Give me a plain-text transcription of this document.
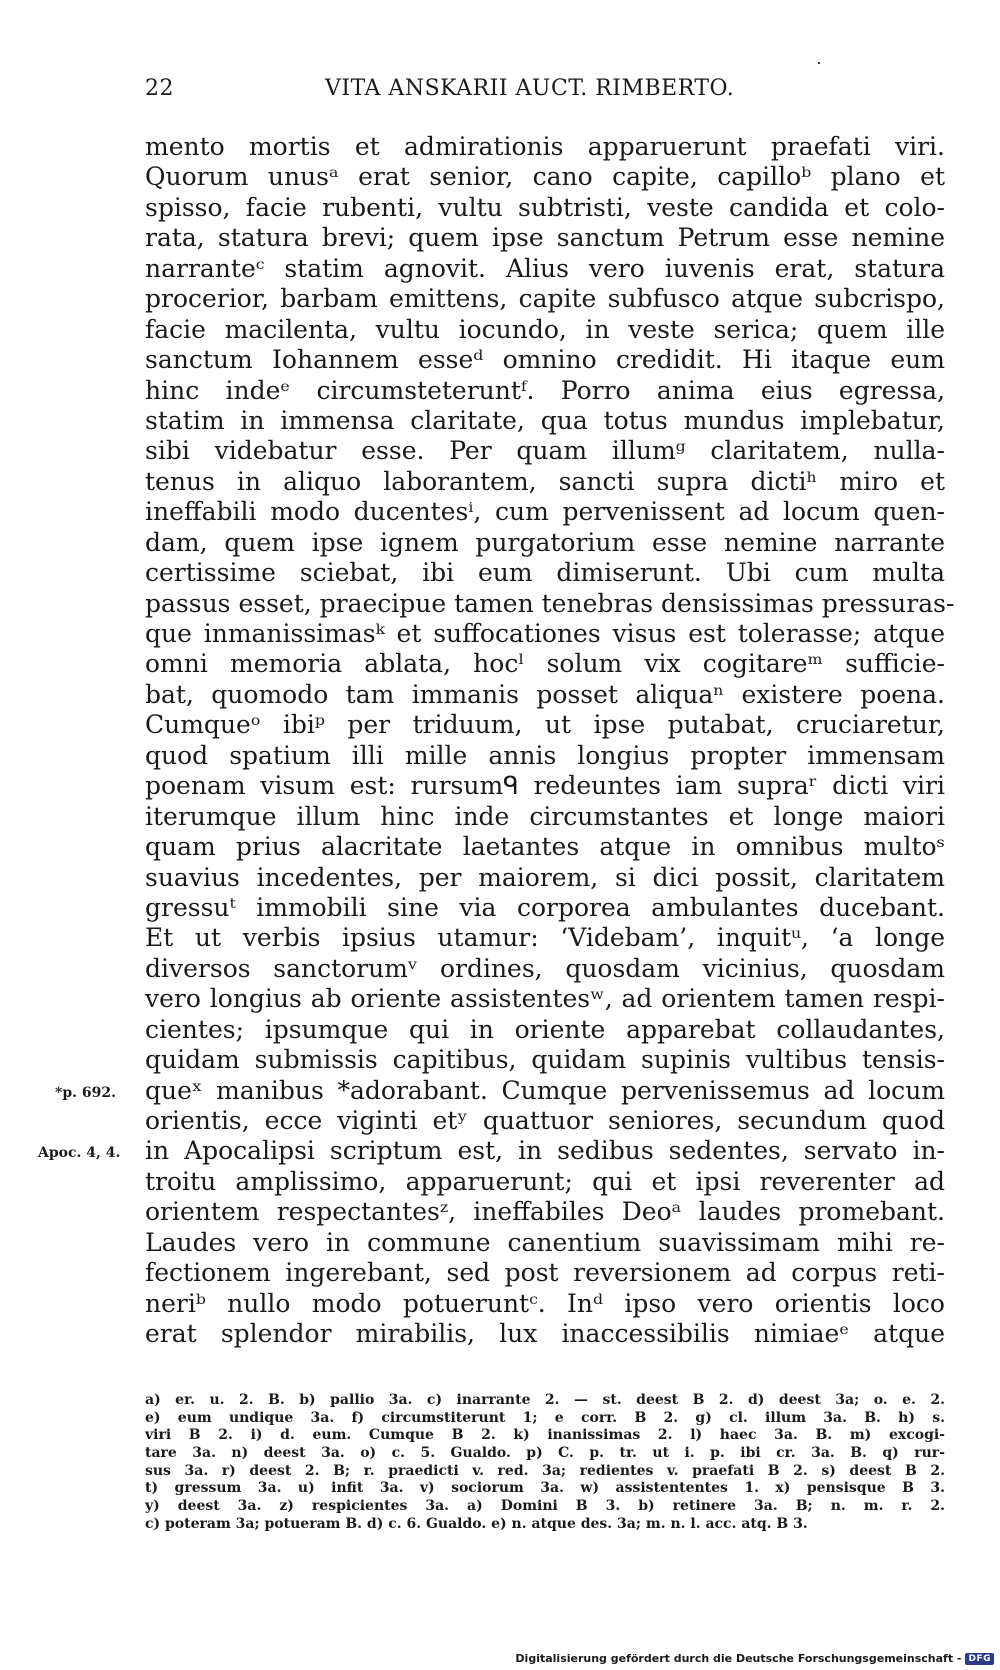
22	VITA ANSKARII AUCT. RIMBERTO.
mento mortis et admirationis apparuerunt praefati viri.
Quorum unusᵃ erat senior, cano capite, capilloᵇ plano et
spisso, facie rubenti, vultu subtristi, veste candida et colo-
rata, statura brevi; quem ipse sanctum Petrum esse nemine
narranteᶜ statim agnovit. Alius vero iuvenis erat, statura
procerior, barbam emittens, capite subfusco atque subcrispo,
facie macilenta, vultu iocundo, in veste serica; quem ille
sanctum Iohannem esseᵈ omnino credidit. Hi itaque eum
hinc indeᵉ circumsteteruntᶠ. Porro anima eius egressa,
statim in immensa claritate, qua totus mundus implebatur,
sibi videbatur esse. Per quam illumᵍ claritatem, nulla-
tenus in aliquo laborantem, sancti supra dictiʰ miro et
ineffabili modo ducentesⁱ, cum pervenissent ad locum quen-
dam, quem ipse ignem purgatorium esse nemine narrante
certissime sciebat, ibi eum dimiserunt. Ubi cum multa
passus esset, praecipue tamen tenebras densissimas pressuras-
que inmanissimasᵏ et suffocationes visus est tolerasse; atque
omni memoria ablata, hocˡ solum vix cogitareᵐ sufficie-
bat, quomodo tam immanis posset aliquaⁿ existere poena.
Cumqueᵒ ibiᵖ per triduum, ut ipse putabat, cruciaretur,
quod spatium illi mille annis longius propter immensam
poenam visum est: rursumᑫ redeuntes iam supraʳ dicti viri
iterumque illum hinc inde circumstantes et longe maiori
quam prius alacritate laetantes atque in omnibus multoˢ
suavius incedentes, per maiorem, si dici possit, claritatem
gressuᵗ immobili sine via corporea ambulantes ducebant.
Et ut verbis ipsius utamur: ‘Videbam’, inquitᵘ, ‘a longe
diversos sanctorumᵛ ordines, quosdam vicinius, quosdam
vero longius ab oriente assistentesʷ, ad orientem tamen respi-
cientes; ipsumque qui in oriente apparebat collaudantes,
quidam submissis capitibus, quidam supinis vultibus tensis-
queˣ manibus *adorabant. Cumque pervenissemus ad locum
orientis, ecce viginti etʸ quattuor seniores, secundum quod
in Apocalipsi scriptum est, in sedibus sedentes, servato in-
troitu amplissimo, apparuerunt; qui et ipsi reverenter ad
orientem respectantesᶻ, ineffabiles Deoᵃ laudes promebant.
Laudes vero in commune canentium suavissimam mihi re-
fectionem ingerebant, sed post reversionem ad corpus reti-
neriᵇ nullo modo potueruntᶜ. Inᵈ ipso vero orientis loco
erat splendor mirabilis, lux inaccessibilis nimiaeᵉ atque
*p. 692.
Apoc. 4, 4.
a) er. u. 2. B. b) pallio 3a. c) inarrante 2. — st. deest B 2. d) deest 3a; o. e. 2.
e) eum undique 3a. f) circumstiterunt 1; e corr. B 2. g) cl. illum 3a. B. h) s.
viri B 2. i) d. eum. Cumque B 2. k) inanissimas 2. l) haec 3a. B. m) excogi-
tare 3a. n) deest 3a. o) c. 5. Gualdo. p) C. p. tr. ut i. p. ibi cr. 3a. B. q) rur-
sus 3a. r) deest 2. B; r. praedicti v. red. 3a; redientes v. praefati B 2. s) deest B 2.
t) gressum 3a. u) infit 3a. v) sociorum 3a. w) assistententes 1. x) pensisque B 3.
y) deest 3a. z) respicientes 3a. a) Domini B 3. b) retinere 3a. B; n. m. r. 2.
c) poteram 3a; potueram B. d) c. 6. Gualdo. e) n. atque des. 3a; m. n. l. acc. atq. B 3.
Digitalisierung gefördert durch die Deutsche Forschungsgemeinschaft - DFG
